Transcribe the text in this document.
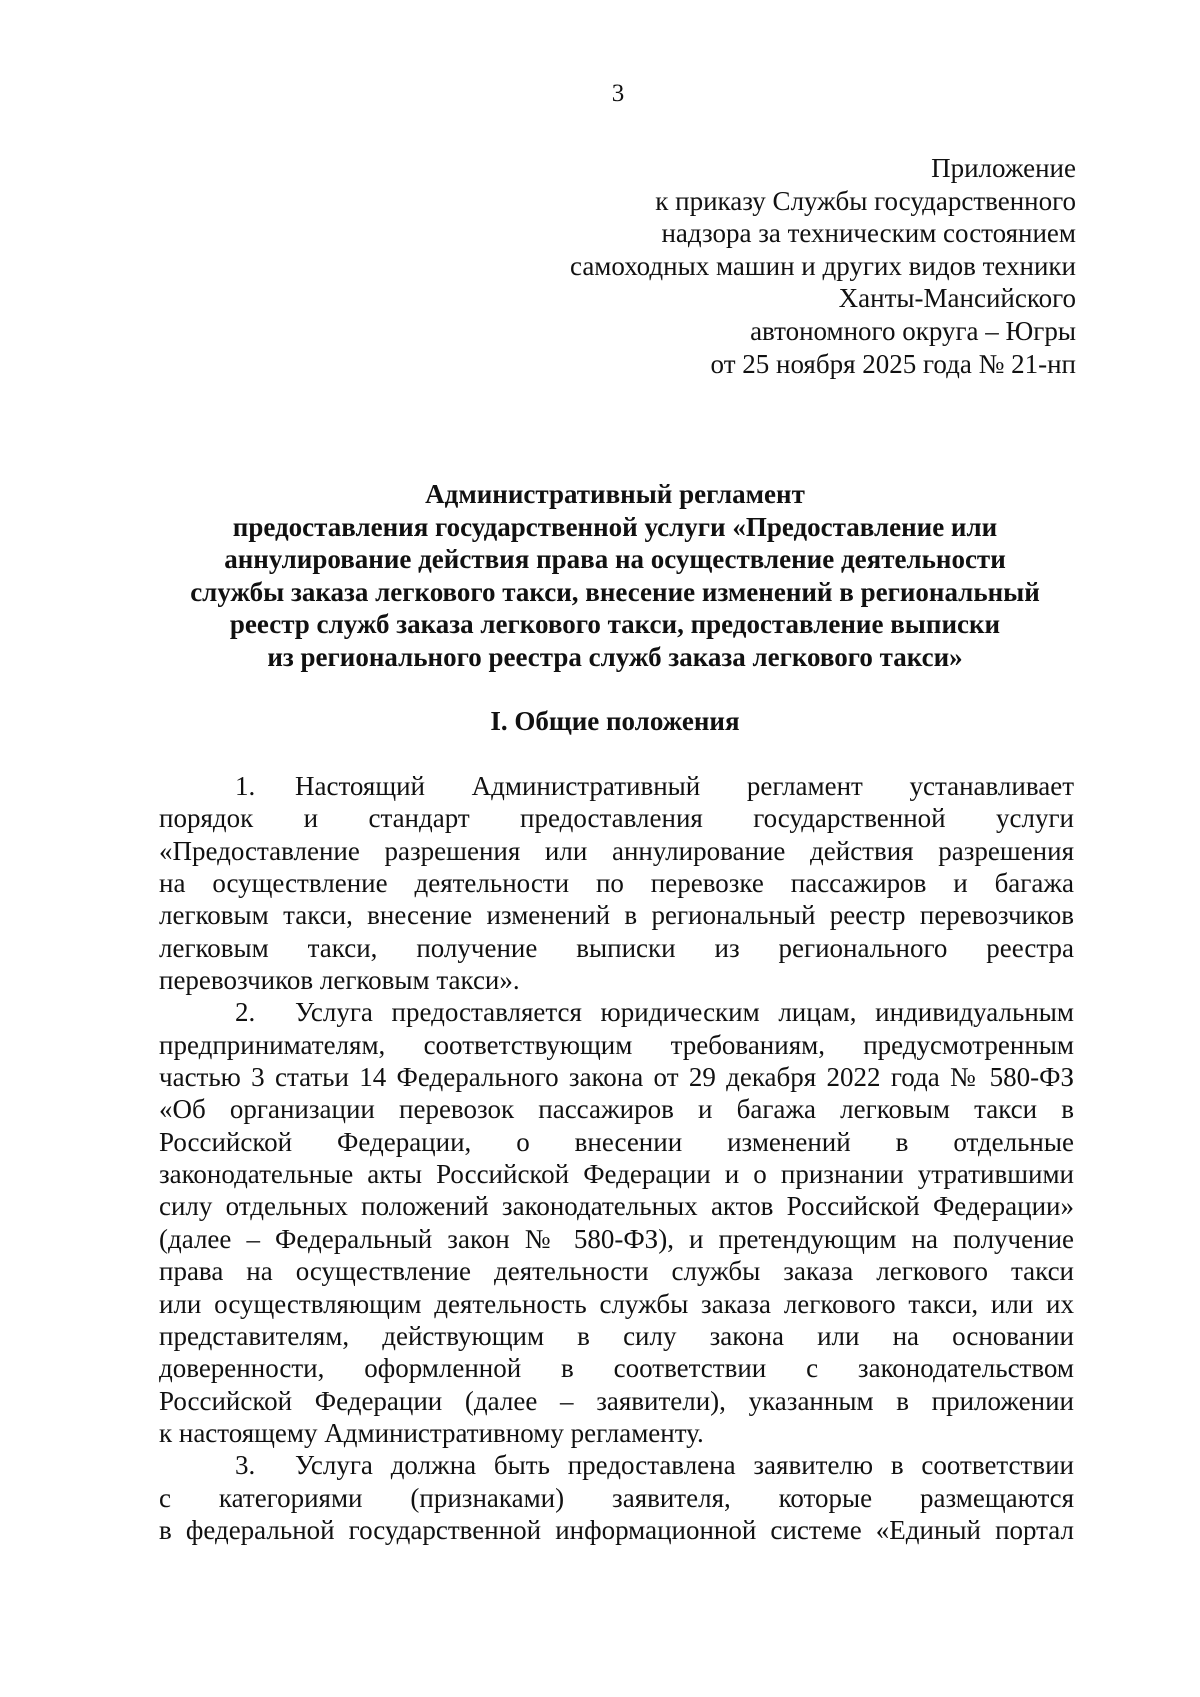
3
Приложение
к приказу Службы государственного
надзора за техническим состоянием
самоходных машин и других видов техники
Ханты-Мансийского
автономного округа – Югры
от 25 ноября 2025 года № 21-нп
Административный регламент
предоставления государственной услуги «Предоставление или
аннулирование действия права на осуществление деятельности
службы заказа легкового такси, внесение изменений в региональный
реестр служб заказа легкового такси, предоставление выписки
из регионального реестра служб заказа легкового такси»
I. Общие положения
1. Настоящий Административный регламент устанавливает
порядок и стандарт предоставления государственной услуги
«Предоставление разрешения или аннулирование действия разрешения
на осуществление деятельности по перевозке пассажиров и багажа
легковым такси, внесение изменений в региональный реестр перевозчиков
легковым такси, получение выписки из регионального реестра
перевозчиков легковым такси».
2. Услуга предоставляется юридическим лицам, индивидуальным
предпринимателям, соответствующим требованиям, предусмотренным
частью 3 статьи 14 Федерального закона от 29 декабря 2022 года № 580-ФЗ
«Об организации перевозок пассажиров и багажа легковым такси в
Российской Федерации, о внесении изменений в отдельные
законодательные акты Российской Федерации и о признании утратившими
силу отдельных положений законодательных актов Российской Федерации»
(далее – Федеральный закон № 580-ФЗ), и претендующим на получение
права на осуществление деятельности службы заказа легкового такси
или осуществляющим деятельность службы заказа легкового такси, или их
представителям, действующим в силу закона или на основании
доверенности, оформленной в соответствии с законодательством
Российской Федерации (далее – заявители), указанным в приложении
к настоящему Административному регламенту.
3. Услуга должна быть предоставлена заявителю в соответствии
с категориями (признаками) заявителя, которые размещаются
в федеральной государственной информационной системе «Единый портал
